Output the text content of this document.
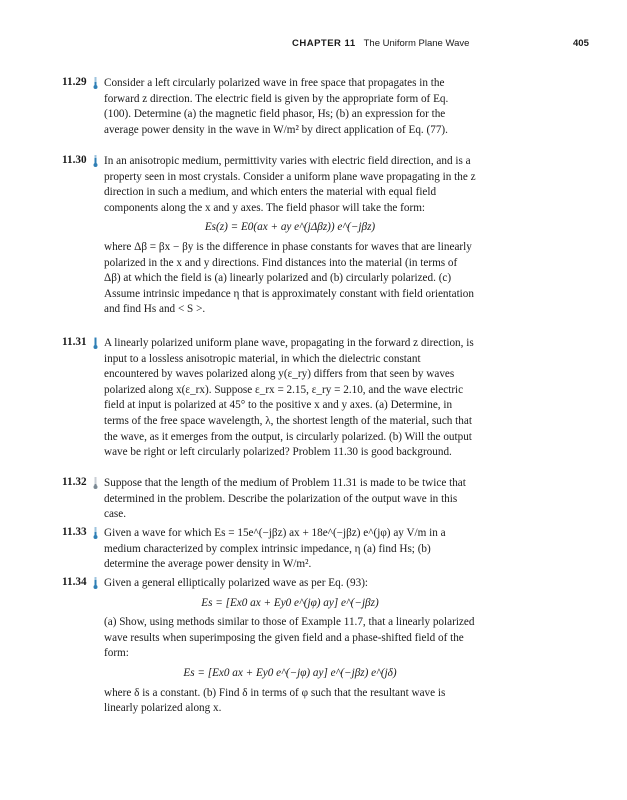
CHAPTER 11 The Uniform Plane Wave	405
11.29 Consider a left circularly polarized wave in free space that propagates in the forward z direction. The electric field is given by the appropriate form of Eq. (100). Determine (a) the magnetic field phasor, Hs; (b) an expression for the average power density in the wave in W/m² by direct application of Eq. (77).

11.30 In an anisotropic medium, permittivity varies with electric field direction, and is a property seen in most crystals. Consider a uniform plane wave propagating in the z direction in such a medium, and which enters the material with equal field components along the x and y axes. The field phasor will take the form:

Es(z) = E0(ax + ay e^(jΔβz)) e^(−jβz)

where Δβ = βx − βy is the difference in phase constants for waves that are linearly polarized in the x and y directions. Find distances into the material (in terms of Δβ) at which the field is (a) linearly polarized and (b) circularly polarized. (c) Assume intrinsic impedance η that is approximately constant with field orientation and find Hs and < S >.

11.31 A linearly polarized uniform plane wave, propagating in the forward z direction, is input to a lossless anisotropic material, in which the dielectric constant encountered by waves polarized along y(ε_ry) differs from that seen by waves polarized along x(ε_rx). Suppose ε_rx = 2.15, ε_ry = 2.10, and the wave electric field at input is polarized at 45° to the positive x and y axes. (a) Determine, in terms of the free space wavelength, λ, the shortest length of the material, such that the wave, as it emerges from the output, is circularly polarized. (b) Will the output wave be right or left circularly polarized? Problem 11.30 is good background.

11.32 Suppose that the length of the medium of Problem 11.31 is made to be twice that determined in the problem. Describe the polarization of the output wave in this case.

11.33 Given a wave for which Es = 15e^(−jβz) ax + 18e^(−jβz) e^(jφ) ay V/m in a medium characterized by complex intrinsic impedance, η (a) find Hs; (b) determine the average power density in W/m².

11.34 Given a general elliptically polarized wave as per Eq. (93):

Es = [Ex0 ax + Ey0 e^(jφ) ay] e^(−jβz)

(a) Show, using methods similar to those of Example 11.7, that a linearly polarized wave results when superimposing the given field and a phase-shifted field of the form:

Es = [Ex0 ax + Ey0 e^(−jφ) ay] e^(−jβz) e^(jδ)

where δ is a constant. (b) Find δ in terms of φ such that the resultant wave is linearly polarized along x.
